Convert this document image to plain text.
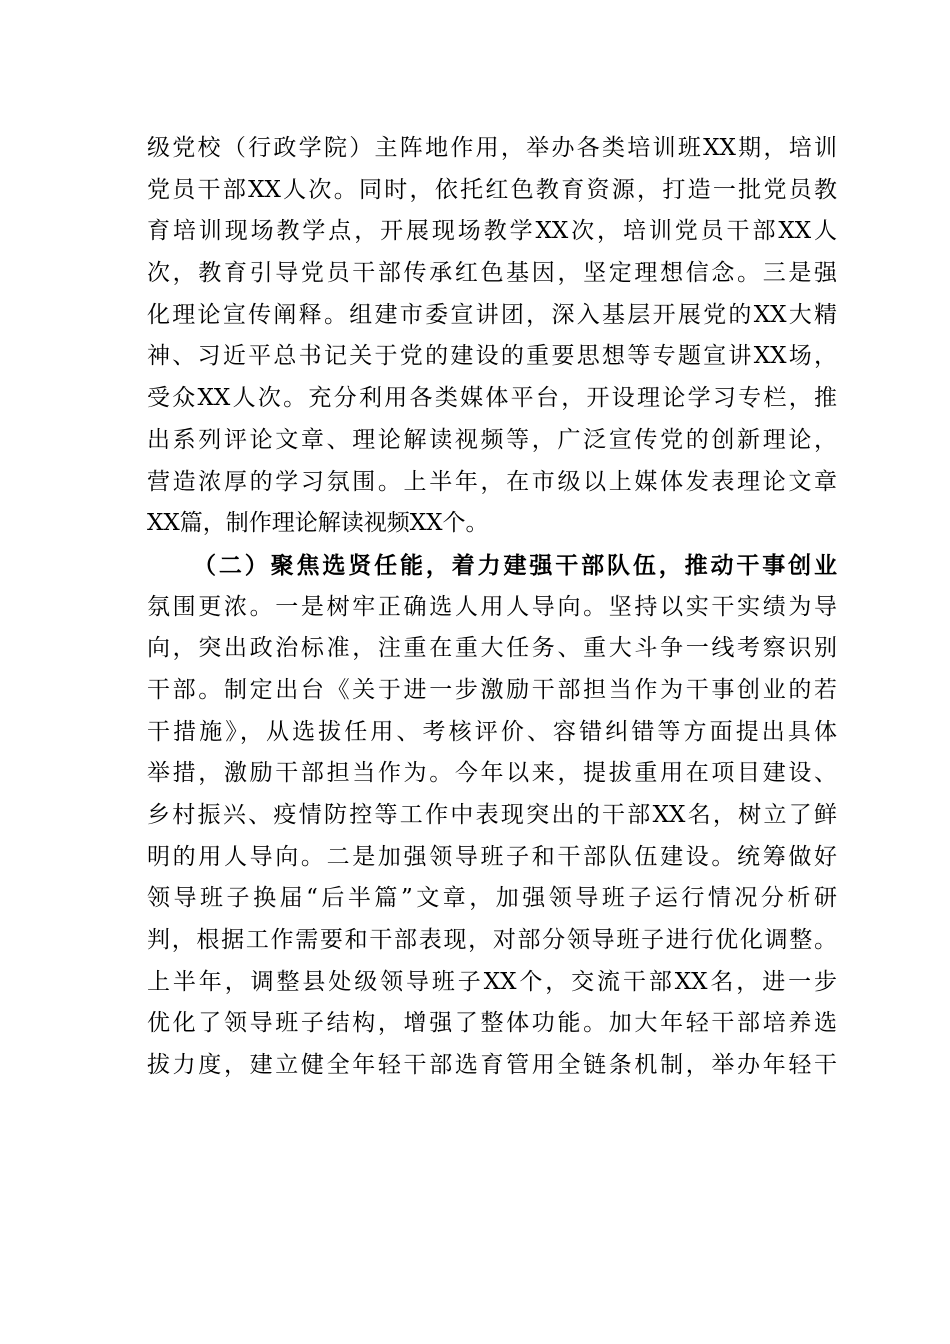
级党校（行政学院）主阵地作用，举办各类培训班XX期，培训
党员干部XX人次。同时，依托红色教育资源，打造一批党员教
育培训现场教学点，开展现场教学XX次，培训党员干部XX人
次，教育引导党员干部传承红色基因，坚定理想信念。三是强
化理论宣传阐释。组建市委宣讲团，深入基层开展党的XX大精
神、习近平总书记关于党的建设的重要思想等专题宣讲XX场，
受众XX人次。充分利用各类媒体平台，开设理论学习专栏，推
出系列评论文章、理论解读视频等，广泛宣传党的创新理论，
营造浓厚的学习氛围。上半年，在市级以上媒体发表理论文章
XX篇，制作理论解读视频XX个。
（二）聚焦选贤任能，着力建强干部队伍，推动干事创业
氛围更浓。一是树牢正确选人用人导向。坚持以实干实绩为导
向，突出政治标准，注重在重大任务、重大斗争一线考察识别
干部。制定出台《关于进一步激励干部担当作为干事创业的若
干措施》，从选拔任用、考核评价、容错纠错等方面提出具体
举措，激励干部担当作为。今年以来，提拔重用在项目建设、
乡村振兴、疫情防控等工作中表现突出的干部XX名，树立了鲜
明的用人导向。二是加强领导班子和干部队伍建设。统筹做好
领导班子换届“后半篇”文章，加强领导班子运行情况分析研
判，根据工作需要和干部表现，对部分领导班子进行优化调整。
上半年，调整县处级领导班子XX个，交流干部XX名，进一步
优化了领导班子结构，增强了整体功能。加大年轻干部培养选
拔力度，建立健全年轻干部选育管用全链条机制，举办年轻干
